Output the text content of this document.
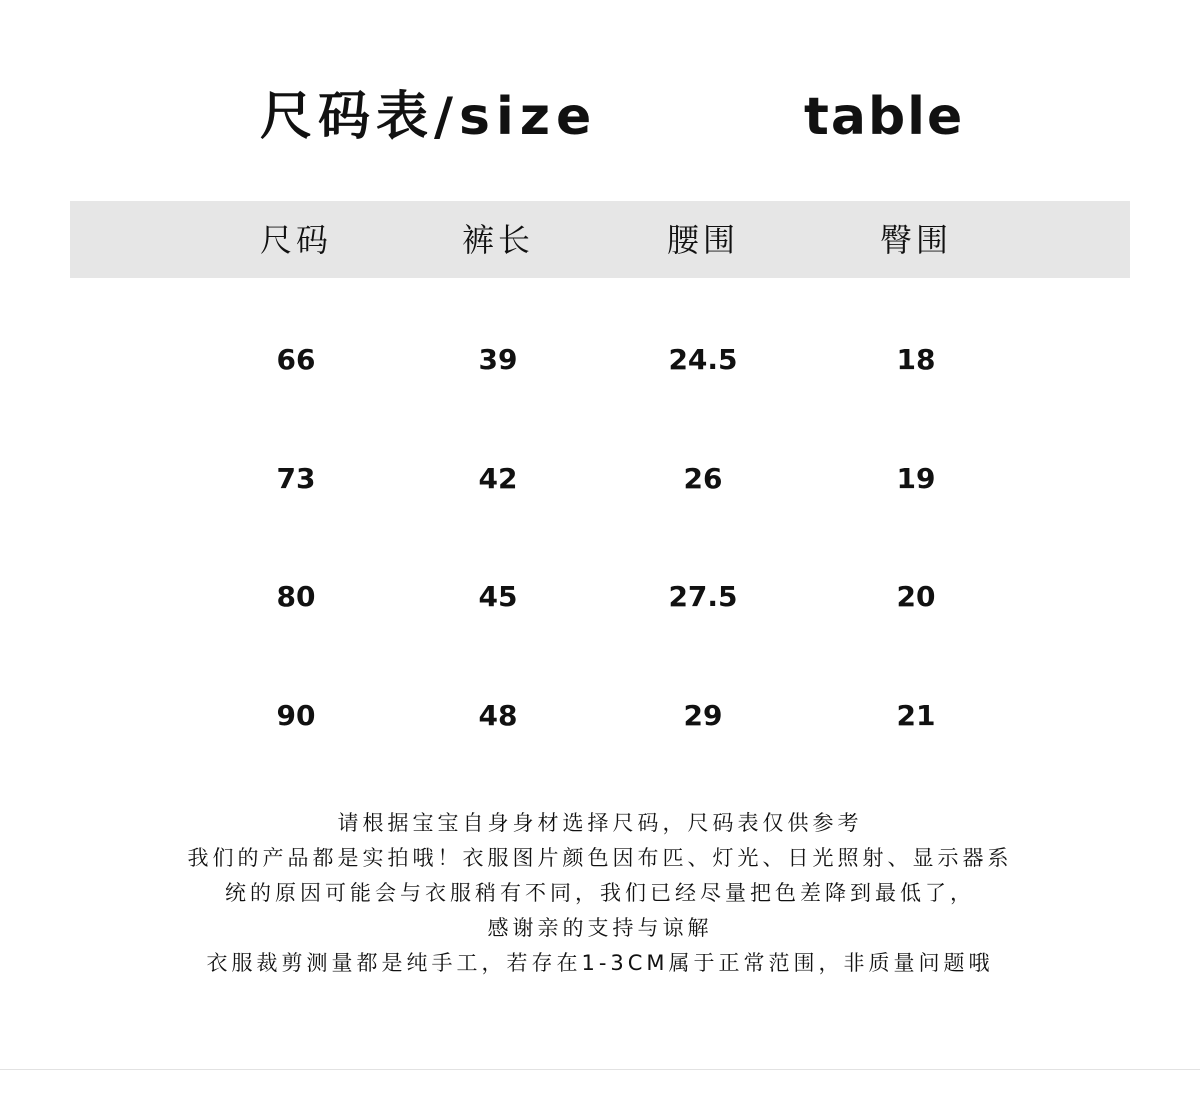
尺码表/size	table
尺码	裤长	腰围	臀围
66	39	24.5	18
73	42	26	19
80	45	27.5	20
90	48	29	21
请根据宝宝自身身材选择尺码，尺码表仅供参考
我们的产品都是实拍哦！衣服图片颜色因布匹、灯光、日光照射、显示器系
统的原因可能会与衣服稍有不同，我们已经尽量把色差降到最低了，
感谢亲的支持与谅解
衣服裁剪测量都是纯手工，若存在1-3CM属于正常范围，非质量问题哦
